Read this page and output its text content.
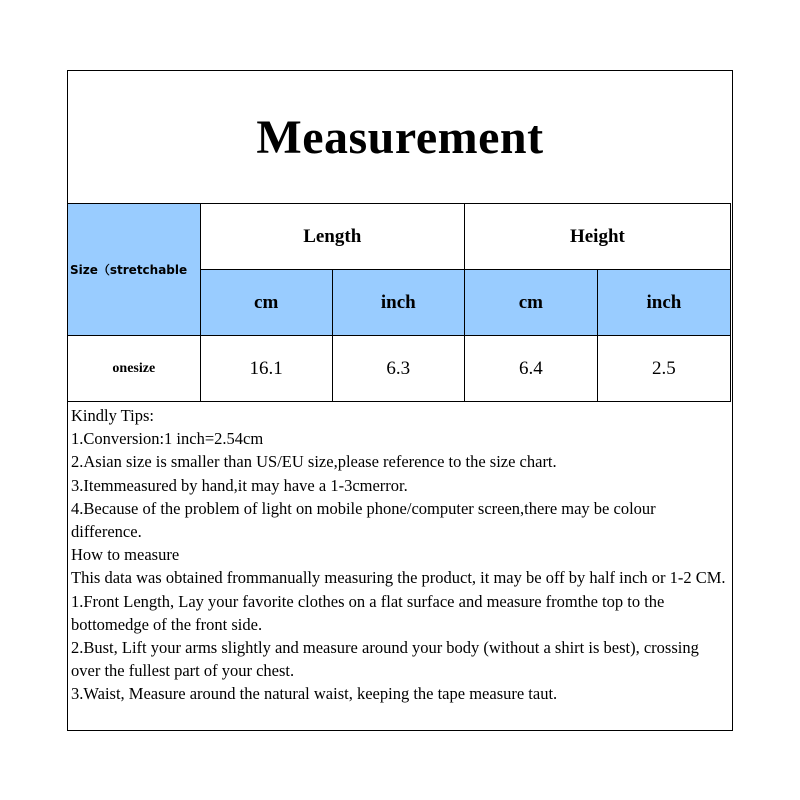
Measurement
Size（stretchable	Length		Height	
	cm	inch	cm	inch
onesize	16.1	6.3	6.4	2.5
Kindly Tips:
1.Conversion:1 inch=2.54cm
2.Asian size is smaller than US/EU size,please reference to the size chart.
3.Itemmeasured by hand,it may have a 1-3cmerror.
4.Because of the problem of light on mobile phone/computer screen,there may be colour difference.
How to measure
This data was obtained frommanually measuring the product, it may be off by half inch or 1-2 CM.
1.Front Length, Lay your favorite clothes on a flat surface and measure fromthe top to the bottomedge of the front side.
2.Bust, Lift your arms slightly and measure around your body (without a shirt is best), crossing over the fullest part of your chest.
3.Waist, Measure around the natural waist, keeping the tape measure taut.
